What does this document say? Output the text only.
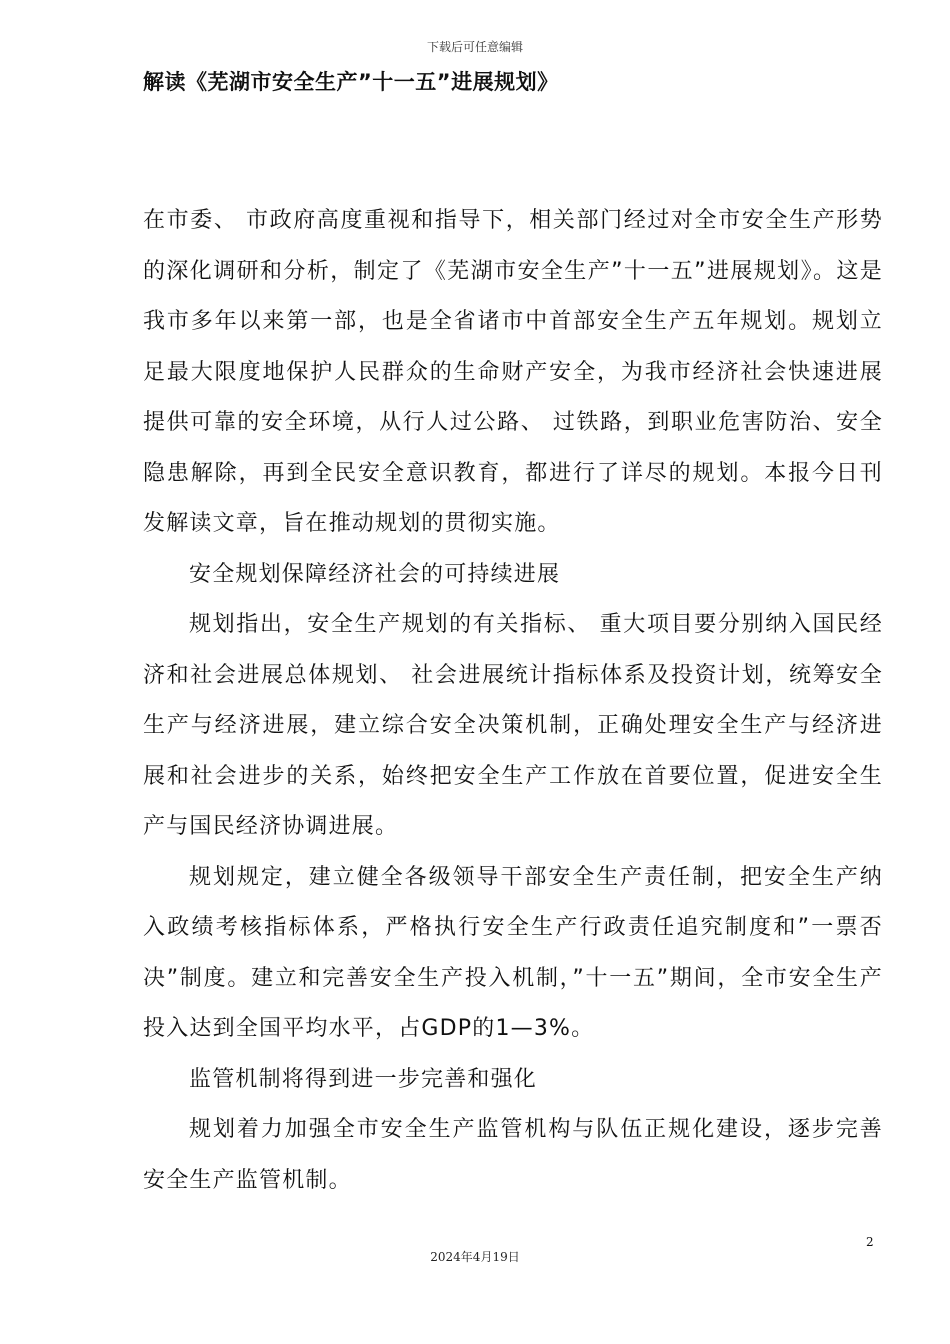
下载后可任意编辑
解读《芜湖市安全生产”十一五”进展规划》

在市委、 市政府高度重视和指导下，相关部门经过对全市安全生产形势的深化调研和分析，制定了《芜湖市安全生产”十一五”进展规划》。这是我市多年以来第一部，也是全省诸市中首部安全生产五年规划。规划立足最大限度地保护人民群众的生命财产安全，为我市经济社会快速进展提供可靠的安全环境，从行人过公路、 过铁路，到职业危害防治、安全隐患解除，再到全民安全意识教育，都进行了详尽的规划。本报今日刊发解读文章，旨在推动规划的贯彻实施。

安全规划保障经济社会的可持续进展

规划指出，安全生产规划的有关指标、 重大项目要分别纳入国民经济和社会进展总体规划、 社会进展统计指标体系及投资计划，统筹安全生产与经济进展，建立综合安全决策机制，正确处理安全生产与经济进展和社会进步的关系，始终把安全生产工作放在首要位置，促进安全生产与国民经济协调进展。

规划规定，建立健全各级领导干部安全生产责任制，把安全生产纳入政绩考核指标体系，严格执行安全生产行政责任追究制度和”一票否决”制度。建立和完善安全生产投入机制，”十一五”期间，全市安全生产投入达到全国平均水平，占GDP的1—3%。

监管机制将得到进一步完善和强化

规划着力加强全市安全生产监管机构与队伍正规化建设，逐步完善安全生产监管机制。

2
2024年4月19日
